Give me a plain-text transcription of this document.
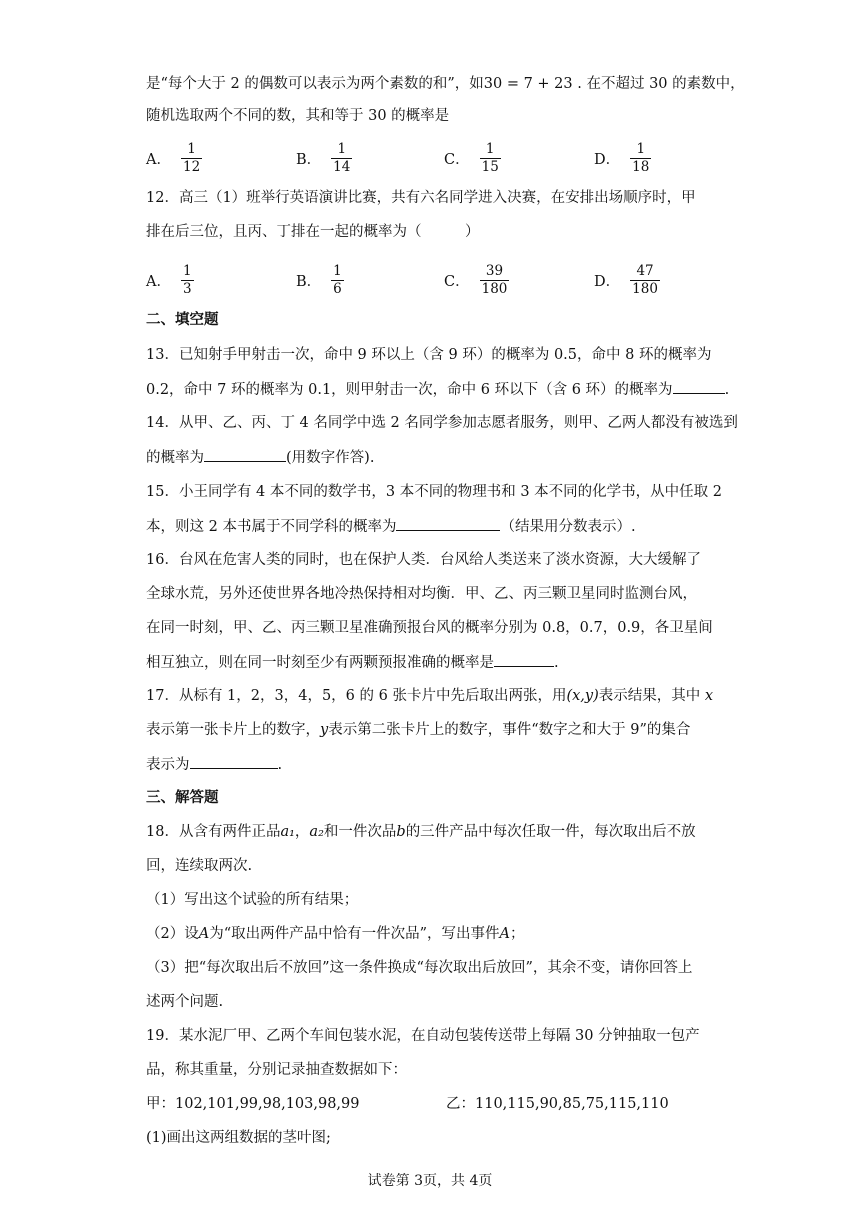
是“每个大于 2 的偶数可以表示为两个素数的和”，如30 = 7 + 23 . 在不超过 30 的素数中，
随机选取两个不同的数，其和等于 30 的概率是
A． $\frac{1}{12}$	B． $\frac{1}{14}$	C． $\frac{1}{15}$	D． $\frac{1}{18}$
12．高三（1）班举行英语演讲比赛，共有六名同学进入决赛，在安排出场顺序时，甲
排在后三位，且丙、丁排在一起的概率为（　　　）
A． $\frac{1}{3}$	B． $\frac{1}{6}$	C． $\frac{39}{180}$	D． $\frac{47}{180}$
二、填空题
13．已知射手甲射击一次，命中 9 环以上（含 9 环）的概率为 0.5，命中 8 环的概率为
0.2，命中 7 环的概率为 0.1，则甲射击一次，命中 6 环以下（含 6 环）的概率为	.
14．从甲、乙、丙、丁 4 名同学中选 2 名同学参加志愿者服务，则甲、乙两人都没有被选到
的概率为	(用数字作答).
15．小王同学有 4 本不同的数学书，3 本不同的物理书和 3 本不同的化学书，从中任取 2
本，则这 2 本书属于不同学科的概率为	（结果用分数表示）.
16．台风在危害人类的同时，也在保护人类．台风给人类送来了淡水资源，大大缓解了
全球水荒，另外还使世界各地冷热保持相对均衡．甲、乙、丙三颗卫星同时监测台风，
在同一时刻，甲、乙、丙三颗卫星准确预报台风的概率分别为 0.8，0.7，0.9，各卫星间
相互独立，则在同一时刻至少有两颗预报准确的概率是	.
17．从标有 1，2，3，4，5，6 的 6 张卡片中先后取出两张，用(x,y)表示结果，其中 x
表示第一张卡片上的数字，y表示第二张卡片上的数字，事件“数字之和大于 9”的集合
表示为	.
三、解答题
18．从含有两件正品a₁，a₂和一件次品b的三件产品中每次任取一件，每次取出后不放
回，连续取两次.
（1）写出这个试验的所有结果；
（2）设A为“取出两件产品中恰有一件次品”，写出事件A；
（3）把“每次取出后不放回”这一条件换成“每次取出后放回”，其余不变，请你回答上
述两个问题.
19．某水泥厂甲、乙两个车间包装水泥，在自动包装传送带上每隔 30 分钟抽取一包产
品，称其重量，分别记录抽查数据如下：
甲：102,101,99,98,103,98,99	乙：110,115,90,85,75,115,110
(1)画出这两组数据的茎叶图;
试卷第 3页，共 4页
